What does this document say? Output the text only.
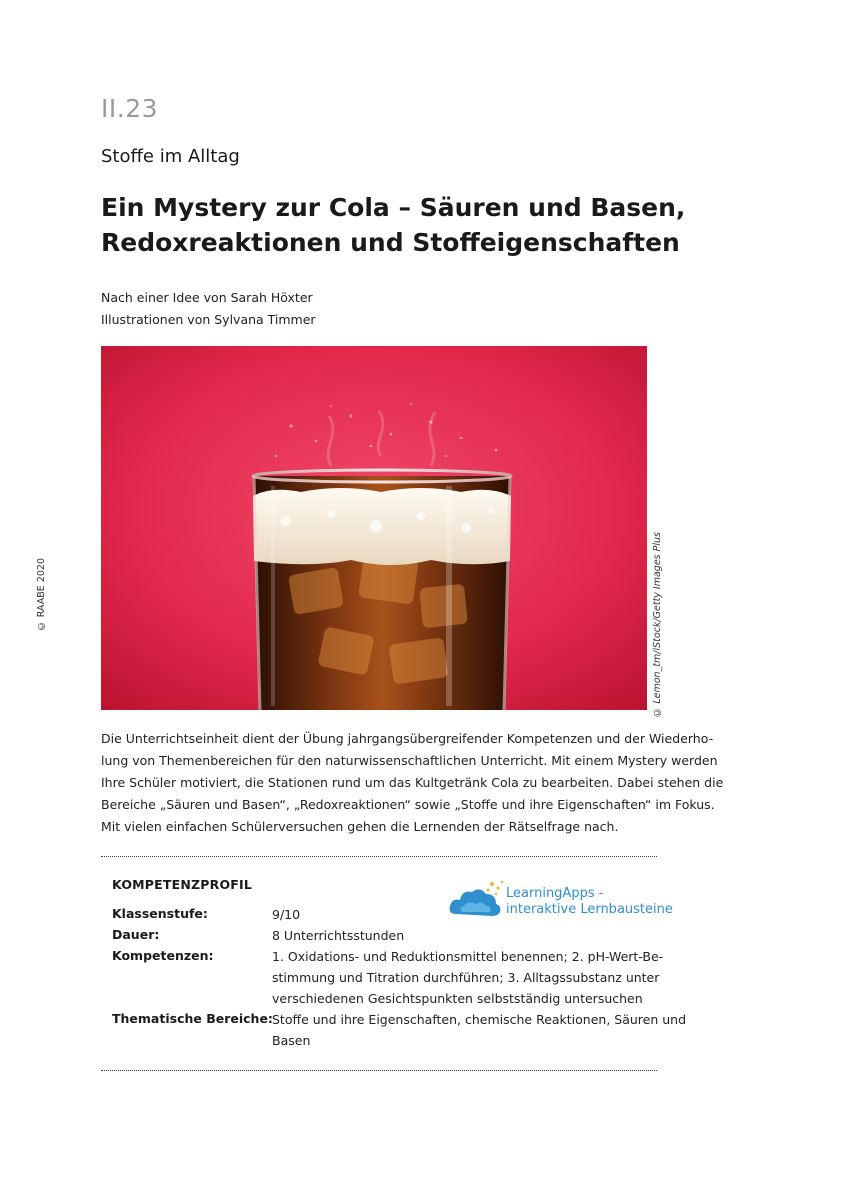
II.23
Stoffe im Alltag
Ein Mystery zur Cola – Säuren und Basen,
Redoxreaktionen und Stoffeigenschaften
Nach einer Idee von Sarah Höxter
Illustrationen von Sylvana Timmer
© RAABE 2020	© Lemon_tm/iStock/Getty Images Plus
Die Unterrichtseinheit dient der Übung jahrgangsübergreifender Kompetenzen und der Wiederho-
lung von Themenbereichen für den naturwissenschaftlichen Unterricht. Mit einem Mystery werden
Ihre Schüler motiviert, die Stationen rund um das Kultgetränk Cola zu bearbeiten. Dabei stehen die
Bereiche „Säuren und Basen“, „Redoxreaktionen“ sowie „Stoffe und ihre Eigenschaften“ im Fokus.
Mit vielen einfachen Schülerversuchen gehen die Lernenden der Rätselfrage nach.
KOMPETENZPROFIL
LearningApps -
interaktive Lernbausteine
Klassenstufe:	9/10
Dauer:	8 Unterrichtsstunden
Kompetenzen:	1. Oxidations- und Reduktionsmittel benennen; 2. pH-Wert-Be-
stimmung und Titration durchführen; 3. Alltagssubstanz unter
verschiedenen Gesichtspunkten selbstständig untersuchen
Thematische Bereiche: Stoffe und ihre Eigenschaften, chemische Reaktionen, Säuren und
Basen
